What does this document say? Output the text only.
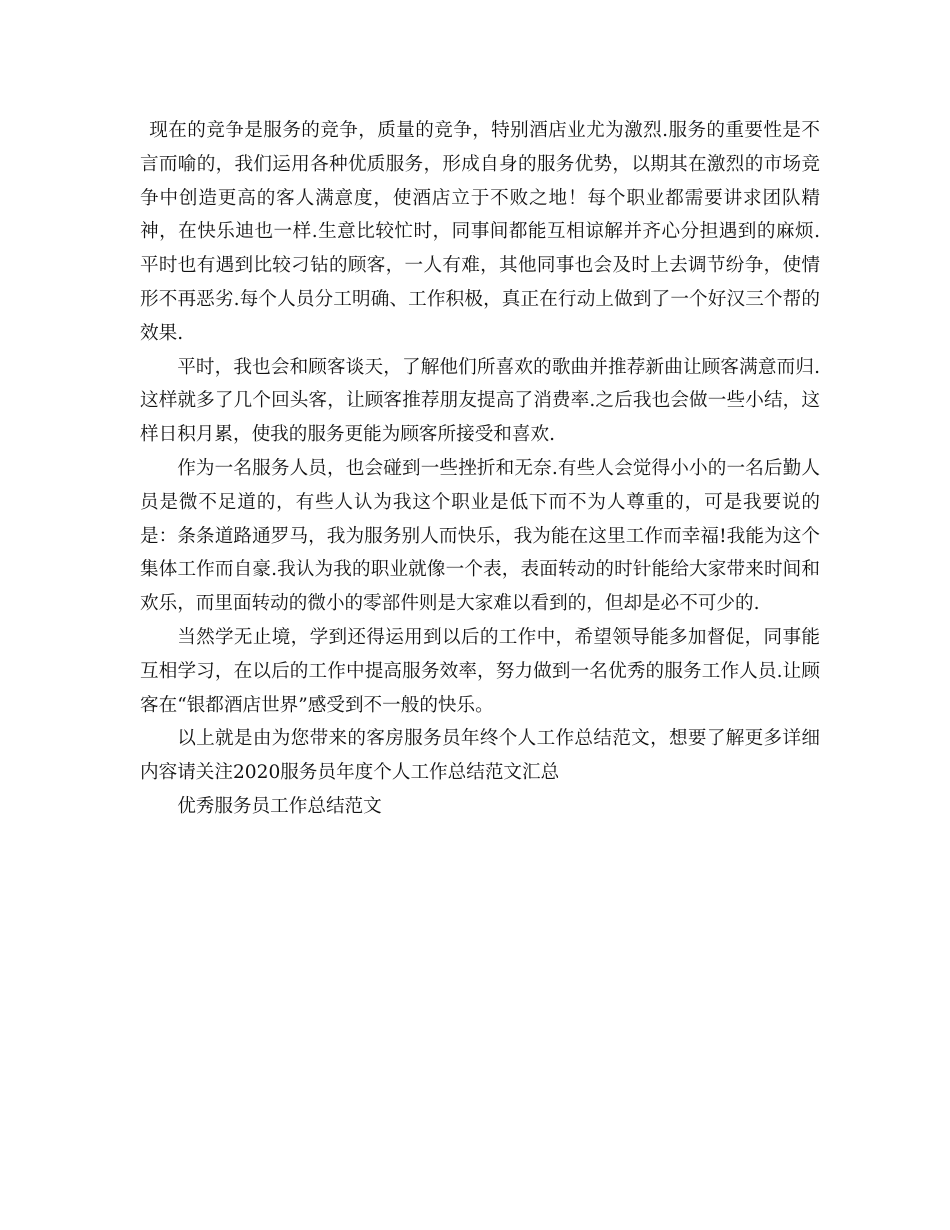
现在的竞争是服务的竞争，质量的竞争，特别酒店业尤为激烈.服务的重要性是不言而喻的，我们运用各种优质服务，形成自身的服务优势，以期其在激烈的市场竞争中创造更高的客人满意度，使酒店立于不败之地！每个职业都需要讲求团队精神，在快乐迪也一样.生意比较忙时，同事间都能互相谅解并齐心分担遇到的麻烦.平时也有遇到比较刁钻的顾客，一人有难，其他同事也会及时上去调节纷争，使情形不再恶劣.每个人员分工明确、工作积极，真正在行动上做到了一个好汉三个帮的效果.

平时，我也会和顾客谈天，了解他们所喜欢的歌曲并推荐新曲让顾客满意而归.这样就多了几个回头客，让顾客推荐朋友提高了消费率.之后我也会做一些小结，这样日积月累，使我的服务更能为顾客所接受和喜欢.

作为一名服务人员，也会碰到一些挫折和无奈.有些人会觉得小小的一名后勤人员是微不足道的，有些人认为我这个职业是低下而不为人尊重的，可是我要说的是：条条道路通罗马，我为服务别人而快乐，我为能在这里工作而幸福!我能为这个集体工作而自豪.我认为我的职业就像一个表，表面转动的时针能给大家带来时间和欢乐，而里面转动的微小的零部件则是大家难以看到的，但却是必不可少的.

当然学无止境，学到还得运用到以后的工作中，希望领导能多加督促，同事能互相学习，在以后的工作中提高服务效率，努力做到一名优秀的服务工作人员.让顾客在“银都酒店世界”感受到不一般的快乐。

以上就是由为您带来的客房服务员年终个人工作总结范文，想要了解更多详细内容请关注2020服务员年度个人工作总结范文汇总

优秀服务员工作总结范文
